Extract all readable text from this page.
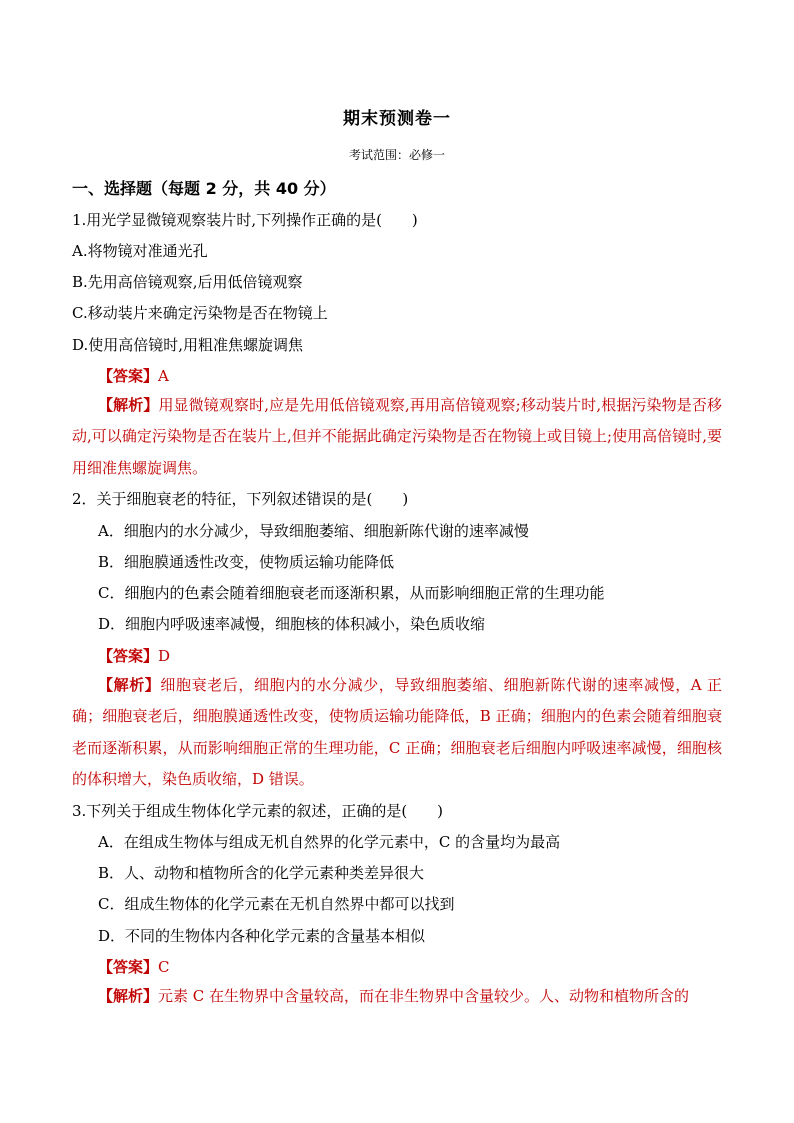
期末预测卷一
考试范围：必修一
一、选择题（每题 2 分，共 40 分）
1.用光学显微镜观察装片时,下列操作正确的是(　　)
A.将物镜对准通光孔
B.先用高倍镜观察,后用低倍镜观察
C.移动装片来确定污染物是否在物镜上
D.使用高倍镜时,用粗准焦螺旋调焦
【答案】A
【解析】用显微镜观察时,应是先用低倍镜观察,再用高倍镜观察;移动装片时,根据污染物是否移动,可以确定污染物是否在装片上,但并不能据此确定污染物是否在物镜上或目镜上;使用高倍镜时,要用细准焦螺旋调焦。
2．关于细胞衰老的特征，下列叙述错误的是(　　)
A．细胞内的水分减少，导致细胞萎缩、细胞新陈代谢的速率减慢
B．细胞膜通透性改变，使物质运输功能降低
C．细胞内的色素会随着细胞衰老而逐渐积累，从而影响细胞正常的生理功能
D．细胞内呼吸速率减慢，细胞核的体积减小，染色质收缩
【答案】D
【解析】细胞衰老后，细胞内的水分减少，导致细胞萎缩、细胞新陈代谢的速率减慢，A 正确；细胞衰老后，细胞膜通透性改变，使物质运输功能降低，B 正确；细胞内的色素会随着细胞衰老而逐渐积累，从而影响细胞正常的生理功能，C 正确；细胞衰老后细胞内呼吸速率减慢，细胞核的体积增大，染色质收缩，D 错误。
3.下列关于组成生物体化学元素的叙述，正确的是(　　)
A．在组成生物体与组成无机自然界的化学元素中，C 的含量均为最高
B．人、动物和植物所含的化学元素种类差异很大
C．组成生物体的化学元素在无机自然界中都可以找到
D．不同的生物体内各种化学元素的含量基本相似
【答案】C
【解析】元素 C 在生物界中含量较高，而在非生物界中含量较少。人、动物和植物所含的
